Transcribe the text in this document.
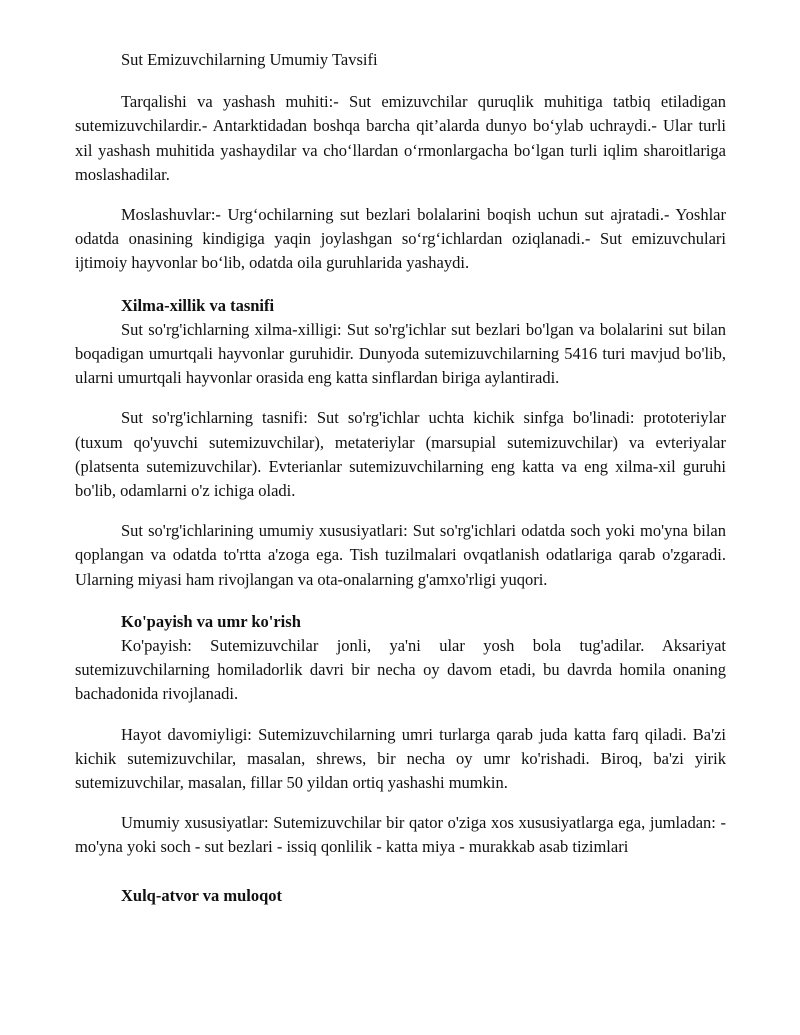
Sut Emizuvchilarning Umumiy Tavsifi

Tarqalishi va yashash muhiti:- Sut emizuvchilar quruqlik muhitiga tatbiq etiladigan sutemizuvchilardir.- Antarktidadan boshqa barcha qit’alarda dunyo bo‘ylab uchraydi.- Ular turli xil yashash muhitida yashaydilar va cho‘llardan o‘rmonlargacha bo‘lgan turli iqlim sharoitlariga moslashadilar.

Moslashuvlar:- Urg‘ochilarning sut bezlari bolalarini boqish uchun sut ajratadi.- Yoshlar odatda onasining kindigiga yaqin joylashgan so‘rg‘ichlardan oziqlanadi.- Sut emizuvchulari ijtimoiy hayvonlar bo‘lib, odatda oila guruhlarida yashaydi.

Xilma-xillik va tasnifi

Sut so'rg'ichlarning xilma-xilligi: Sut so'rg'ichlar sut bezlari bo'lgan va bolalarini sut bilan boqadigan umurtqali hayvonlar guruhidir. Dunyoda sutemizuvchilarning 5416 turi mavjud bo'lib, ularni umurtqali hayvonlar orasida eng katta sinflardan biriga aylantiradi.

Sut so'rg'ichlarning tasnifi: Sut so'rg'ichlar uchta kichik sinfga bo'linadi: prototeriylar (tuxum qo'yuvchi sutemizuvchilar), metateriylar (marsupial sutemizuvchilar) va evteriyalar (platsenta sutemizuvchilar). Evterianlar sutemizuvchilarning eng katta va eng xilma-xil guruhi bo'lib, odamlarni o'z ichiga oladi.

Sut so'rg'ichlarining umumiy xususiyatlari: Sut so'rg'ichlari odatda soch yoki mo'yna bilan qoplangan va odatda to'rtta a'zoga ega. Tish tuzilmalari ovqatlanish odatlariga qarab o'zgaradi. Ularning miyasi ham rivojlangan va ota-onalarning g'amxo'rligi yuqori.

Ko'payish va umr ko'rish

Ko'payish: Sutemizuvchilar jonli, ya'ni ular yosh bola tug'adilar. Aksariyat sutemizuvchilarning homiladorlik davri bir necha oy davom etadi, bu davrda homila onaning bachadonida rivojlanadi.

Hayot davomiyligi: Sutemizuvchilarning umri turlarga qarab juda katta farq qiladi. Ba'zi kichik sutemizuvchilar, masalan, shrews, bir necha oy umr ko'rishadi. Biroq, ba'zi yirik sutemizuvchilar, masalan, fillar 50 yildan ortiq yashashi mumkin.

Umumiy xususiyatlar: Sutemizuvchilar bir qator o'ziga xos xususiyatlarga ega, jumladan: - mo'yna yoki soch - sut bezlari - issiq qonlilik - katta miya - murakkab asab tizimlari

Xulq-atvor va muloqot
